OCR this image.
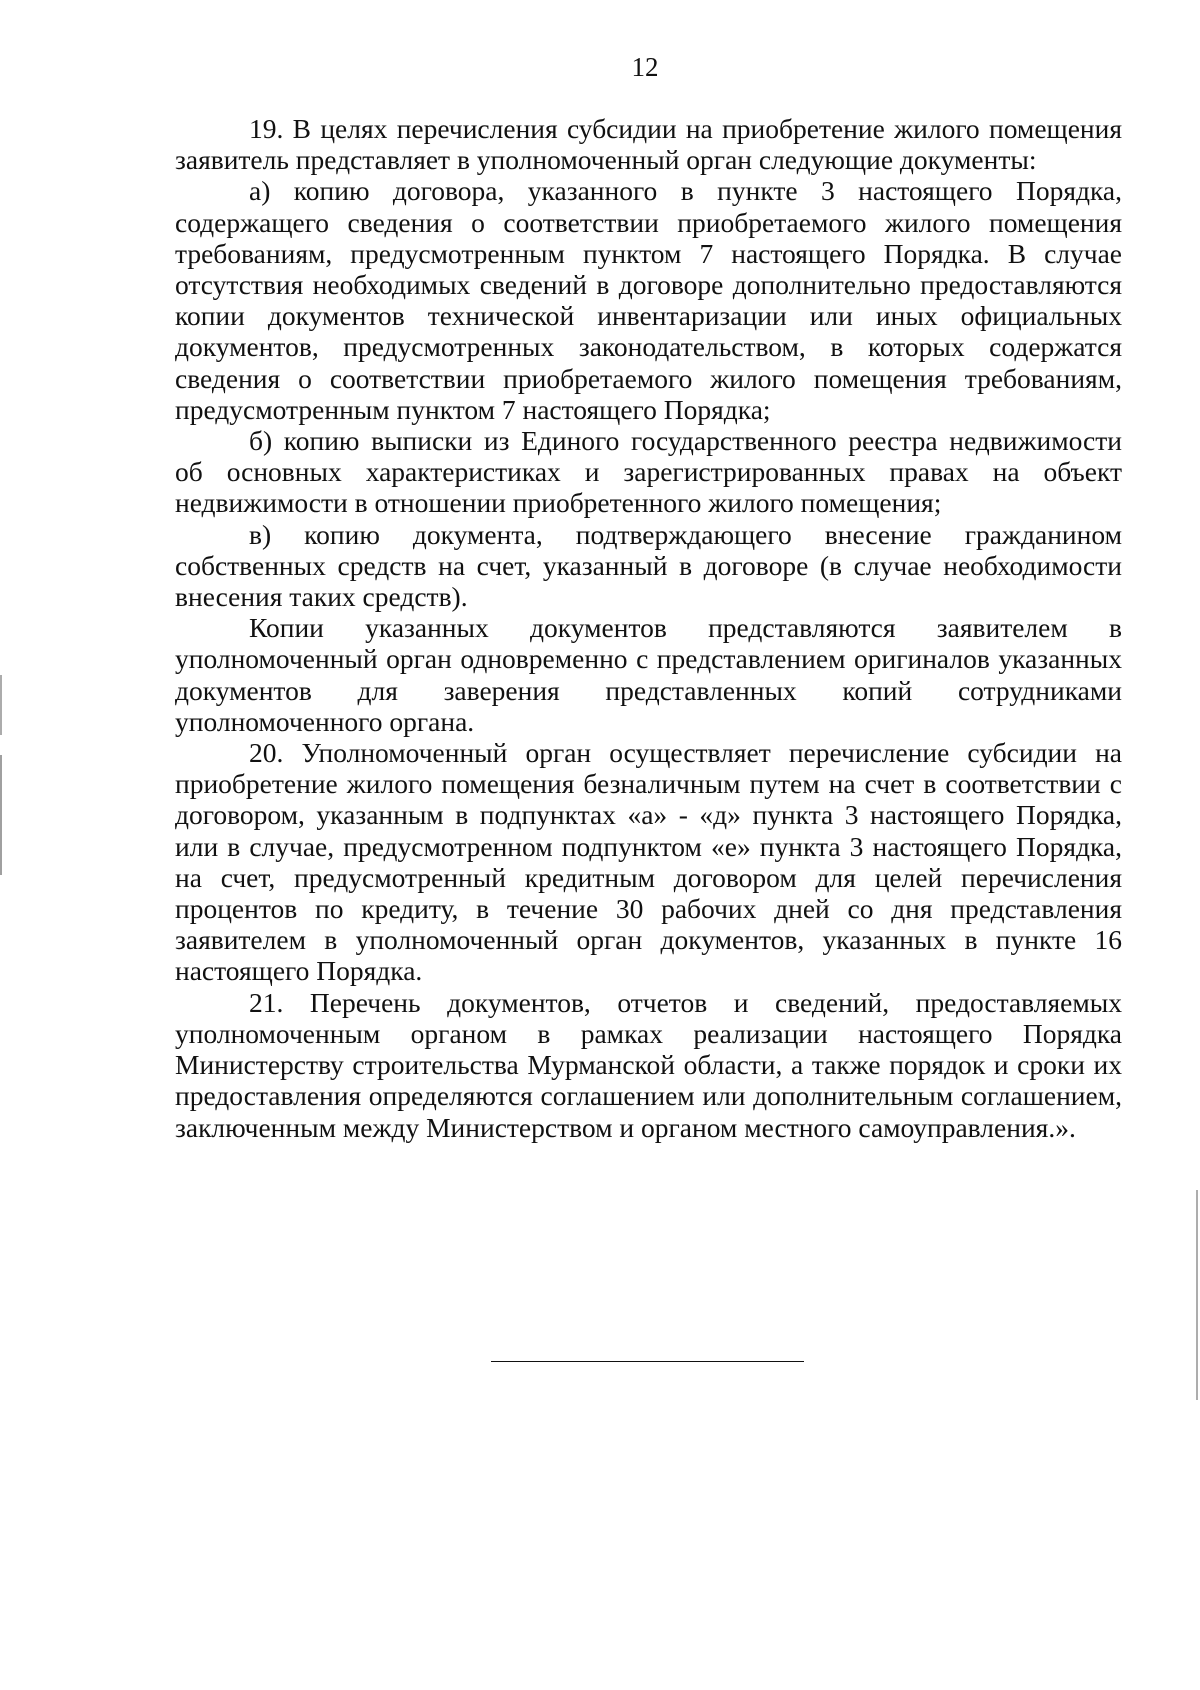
12

19. В целях перечисления субсидии на приобретение жилого помещения заявитель представляет в уполномоченный орган следующие документы:

а) копию договора, указанного в пункте 3 настоящего Порядка, содержащего сведения о соответствии приобретаемого жилого помещения требованиям, предусмотренным пунктом 7 настоящего Порядка. В случае отсутствия необходимых сведений в договоре дополнительно предоставляются копии документов технической инвентаризации или иных официальных документов, предусмотренных законодательством, в которых содержатся сведения о соответствии приобретаемого жилого помещения требованиям, предусмотренным пунктом 7 настоящего Порядка;

б) копию выписки из Единого государственного реестра недвижимости об основных характеристиках и зарегистрированных правах на объект недвижимости в отношении приобретенного жилого помещения;

в) копию документа, подтверждающего внесение гражданином собственных средств на счет, указанный в договоре (в случае необходимости внесения таких средств).

Копии указанных документов представляются заявителем в уполномоченный орган одновременно с представлением оригиналов указанных документов для заверения представленных копий сотрудниками уполномоченного органа.

20. Уполномоченный орган осуществляет перечисление субсидии на приобретение жилого помещения безналичным путем на счет в соответствии с договором, указанным в подпунктах «а» - «д» пункта 3 настоящего Порядка, или в случае, предусмотренном подпунктом «е» пункта 3 настоящего Порядка, на счет, предусмотренный кредитным договором для целей перечисления процентов по кредиту, в течение 30 рабочих дней со дня представления заявителем в уполномоченный орган документов, указанных в пункте 16 настоящего Порядка.

21. Перечень документов, отчетов и сведений, предоставляемых уполномоченным органом в рамках реализации настоящего Порядка Министерству строительства Мурманской области, а также порядок и сроки их предоставления определяются соглашением или дополнительным соглашением, заключенным между Министерством и органом местного самоуправления.».
